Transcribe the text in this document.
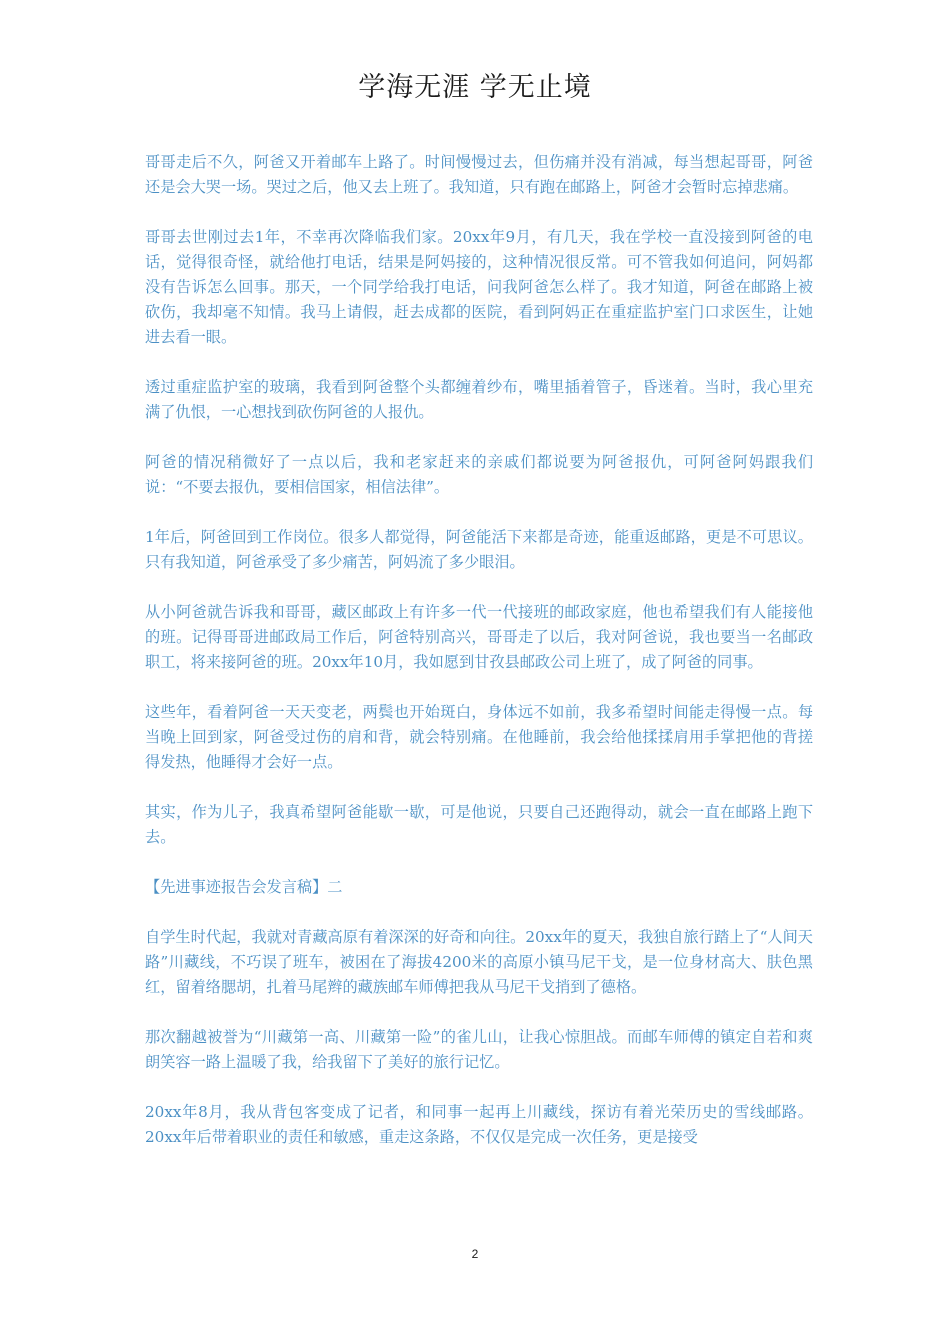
学海无涯 学无止境

哥哥走后不久，阿爸又开着邮车上路了。时间慢慢过去，但伤痛并没有消减，每当想起哥哥，阿爸还是会大哭一场。哭过之后，他又去上班了。我知道，只有跑在邮路上，阿爸才会暂时忘掉悲痛。

哥哥去世刚过去1年，不幸再次降临我们家。20xx年9月，有几天，我在学校一直没接到阿爸的电话，觉得很奇怪，就给他打电话，结果是阿妈接的，这种情况很反常。可不管我如何追问，阿妈都没有告诉怎么回事。那天，一个同学给我打电话，问我阿爸怎么样了。我才知道，阿爸在邮路上被砍伤，我却毫不知情。我马上请假，赶去成都的医院，看到阿妈正在重症监护室门口求医生，让她进去看一眼。

透过重症监护室的玻璃，我看到阿爸整个头都缠着纱布，嘴里插着管子，昏迷着。当时，我心里充满了仇恨，一心想找到砍伤阿爸的人报仇。

阿爸的情况稍微好了一点以后，我和老家赶来的亲戚们都说要为阿爸报仇，可阿爸阿妈跟我们说：“不要去报仇，要相信国家，相信法律”。

1年后，阿爸回到工作岗位。很多人都觉得，阿爸能活下来都是奇迹，能重返邮路，更是不可思议。只有我知道，阿爸承受了多少痛苦，阿妈流了多少眼泪。

从小阿爸就告诉我和哥哥，藏区邮政上有许多一代一代接班的邮政家庭，他也希望我们有人能接他的班。记得哥哥进邮政局工作后，阿爸特别高兴，哥哥走了以后，我对阿爸说，我也要当一名邮政职工，将来接阿爸的班。20xx年10月，我如愿到甘孜县邮政公司上班了，成了阿爸的同事。

这些年，看着阿爸一天天变老，两鬓也开始斑白，身体远不如前，我多希望时间能走得慢一点。每当晚上回到家，阿爸受过伤的肩和背，就会特别痛。在他睡前，我会给他揉揉肩用手掌把他的背搓得发热，他睡得才会好一点。

其实，作为儿子，我真希望阿爸能歇一歇，可是他说，只要自己还跑得动，就会一直在邮路上跑下去。

【先进事迹报告会发言稿】二

自学生时代起，我就对青藏高原有着深深的好奇和向往。20xx年的夏天，我独自旅行踏上了“人间天路”川藏线，不巧误了班车，被困在了海拔4200米的高原小镇马尼干戈，是一位身材高大、肤色黑红，留着络腮胡，扎着马尾辫的藏族邮车师傅把我从马尼干戈捎到了德格。

那次翻越被誉为“川藏第一高、川藏第一险”的雀儿山，让我心惊胆战。而邮车师傅的镇定自若和爽朗笑容一路上温暖了我，给我留下了美好的旅行记忆。

20xx年8月，我从背包客变成了记者，和同事一起再上川藏线，探访有着光荣历史的雪线邮路。20xx年后带着职业的责任和敏感，重走这条路，不仅仅是完成一次任务，更是接受

2
